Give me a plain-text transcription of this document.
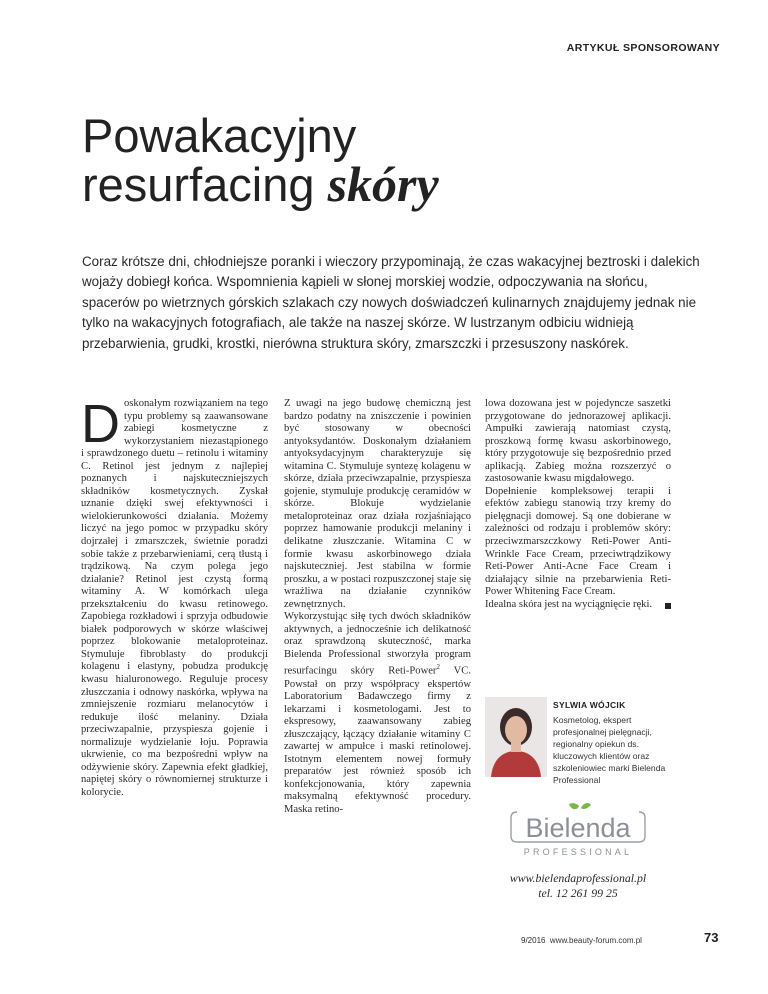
ARTYKUŁ SPONSOROWANY
Powakacyjny
resurfacing skóry

Coraz krótsze dni, chłodniejsze poranki i wieczory przypominają, że czas wakacyjnej beztroski i dalekich wojaży dobiegł końca. Wspomnienia kąpieli w słonej morskiej wodzie, odpoczywania na słońcu, spacerów po wietrznych górskich szlakach czy nowych doświadczeń kulinarnych znajdujemy jednak nie tylko na wakacyjnych fotografiach, ale także na naszej skórze. W lustrzanym odbiciu widnieją przebarwienia, grudki, krostki, nierówna struktura skóry, zmarszczki i przesuszony naskórek.

Doskonałym rozwiązaniem na tego typu problemy są zaawansowane zabiegi kosmetyczne z wykorzystaniem niezastąpionego i sprawdzonego duetu – retinolu i witaminy C. Retinol jest jednym z najlepiej poznanych i najskuteczniejszych składników kosmetycznych. Zyskał uznanie dzięki swej efektywności i wielokierunkowości działania. Możemy liczyć na jego pomoc w przypadku skóry dojrzałej i zmarszczek, świetnie poradzi sobie także z przebarwieniami, cerą tłustą i trądzikową. Na czym polega jego działanie? Retinol jest czystą formą witaminy A. W komórkach ulega przekształceniu do kwasu retinowego. Zapobiega rozkładowi i sprzyja odbudowie białek podporowych w skórze właściwej poprzez blokowanie metaloproteinaz. Stymuluje fibroblasty do produkcji kolagenu i elastyny, pobudza produkcję kwasu hialuronowego. Reguluje procesy złuszczania i odnowy naskórka, wpływa na zmniejszenie rozmiaru melanocytów i redukuje ilość melaniny. Działa przeciwzapalnie, przyspiesza gojenie i normalizuje wydzielanie łoju. Poprawia ukrwienie, co ma bezpośredni wpływ na odżywienie skóry. Zapewnia efekt gładkiej, napiętej skóry o równomiernej strukturze i kolorycie.

Z uwagi na jego budowę chemiczną jest bardzo podatny na zniszczenie i powinien być stosowany w obecności antyoksydantów. Doskonałym działaniem antyoksydacyjnym charakteryzuje się witamina C. Stymuluje syntezę kolagenu w skórze, działa przeciwzapalnie, przyspiesza gojenie, stymuluje produkcję ceramidów w skórze. Blokuje wydzielanie metaloproteinaz oraz działa rozjaśniająco poprzez hamowanie produkcji melaniny i delikatne złuszczanie. Witamina C w formie kwasu askorbinowego działa najskuteczniej. Jest stabilna w formie proszku, a w postaci rozpuszczonej staje się wrażliwa na działanie czynników zewnętrznych.

Wykorzystując siłę tych dwóch składników aktywnych, a jednocześnie ich delikatność oraz sprawdzoną skuteczność, marka Bielenda Professional stworzyła program resurfacingu skóry Reti-Power$^2$ VC. Powstał on przy współpracy ekspertów Laboratorium Badawczego firmy z lekarzami i kosmetologami. Jest to ekspresowy, zaawansowany zabieg złuszczający, łączący działanie witaminy C zawartej w ampułce i maski retinolowej. Istotnym elementem nowej formuły preparatów jest również sposób ich konfekcjonowania, który zapewnia maksymalną efektywność procedury. Maska retino-

lowa dozowana jest w pojedyncze saszetki przygotowane do jednorazowej aplikacji. Ampułki zawierają natomiast czystą, proszkową formę kwasu askorbinowego, który przygotowuje się bezpośrednio przed aplikacją. Zabieg można rozszerzyć o zastosowanie kwasu migdałowego.

Dopełnienie kompleksowej terapii i efektów zabiegu stanowią trzy kremy do pielęgnacji domowej. Są one dobierane w zależności od rodzaju i problemów skóry: przeciwzmarszczkowy Reti-Power Anti-Wrinkle Face Cream, przeciwtrądzikowy Reti-Power Anti-Acne Face Cream i działający silnie na przebarwienia Reti-Power Whitening Face Cream.

Idealna skóra jest na wyciągnięcie ręki.

SYLWIA WÓJCIK
Kosmetolog, ekspert profesjonalnej pielęgnacji, regionalny opiekun ds. kluczowych klientów oraz szkoleniowiec marki Bielenda Professional
Bielenda
PROFESSIONAL
www.bielendaprofessional.pl
tel. 12 261 99 25
9/2016  www.beauty-forum.com.pl	73
